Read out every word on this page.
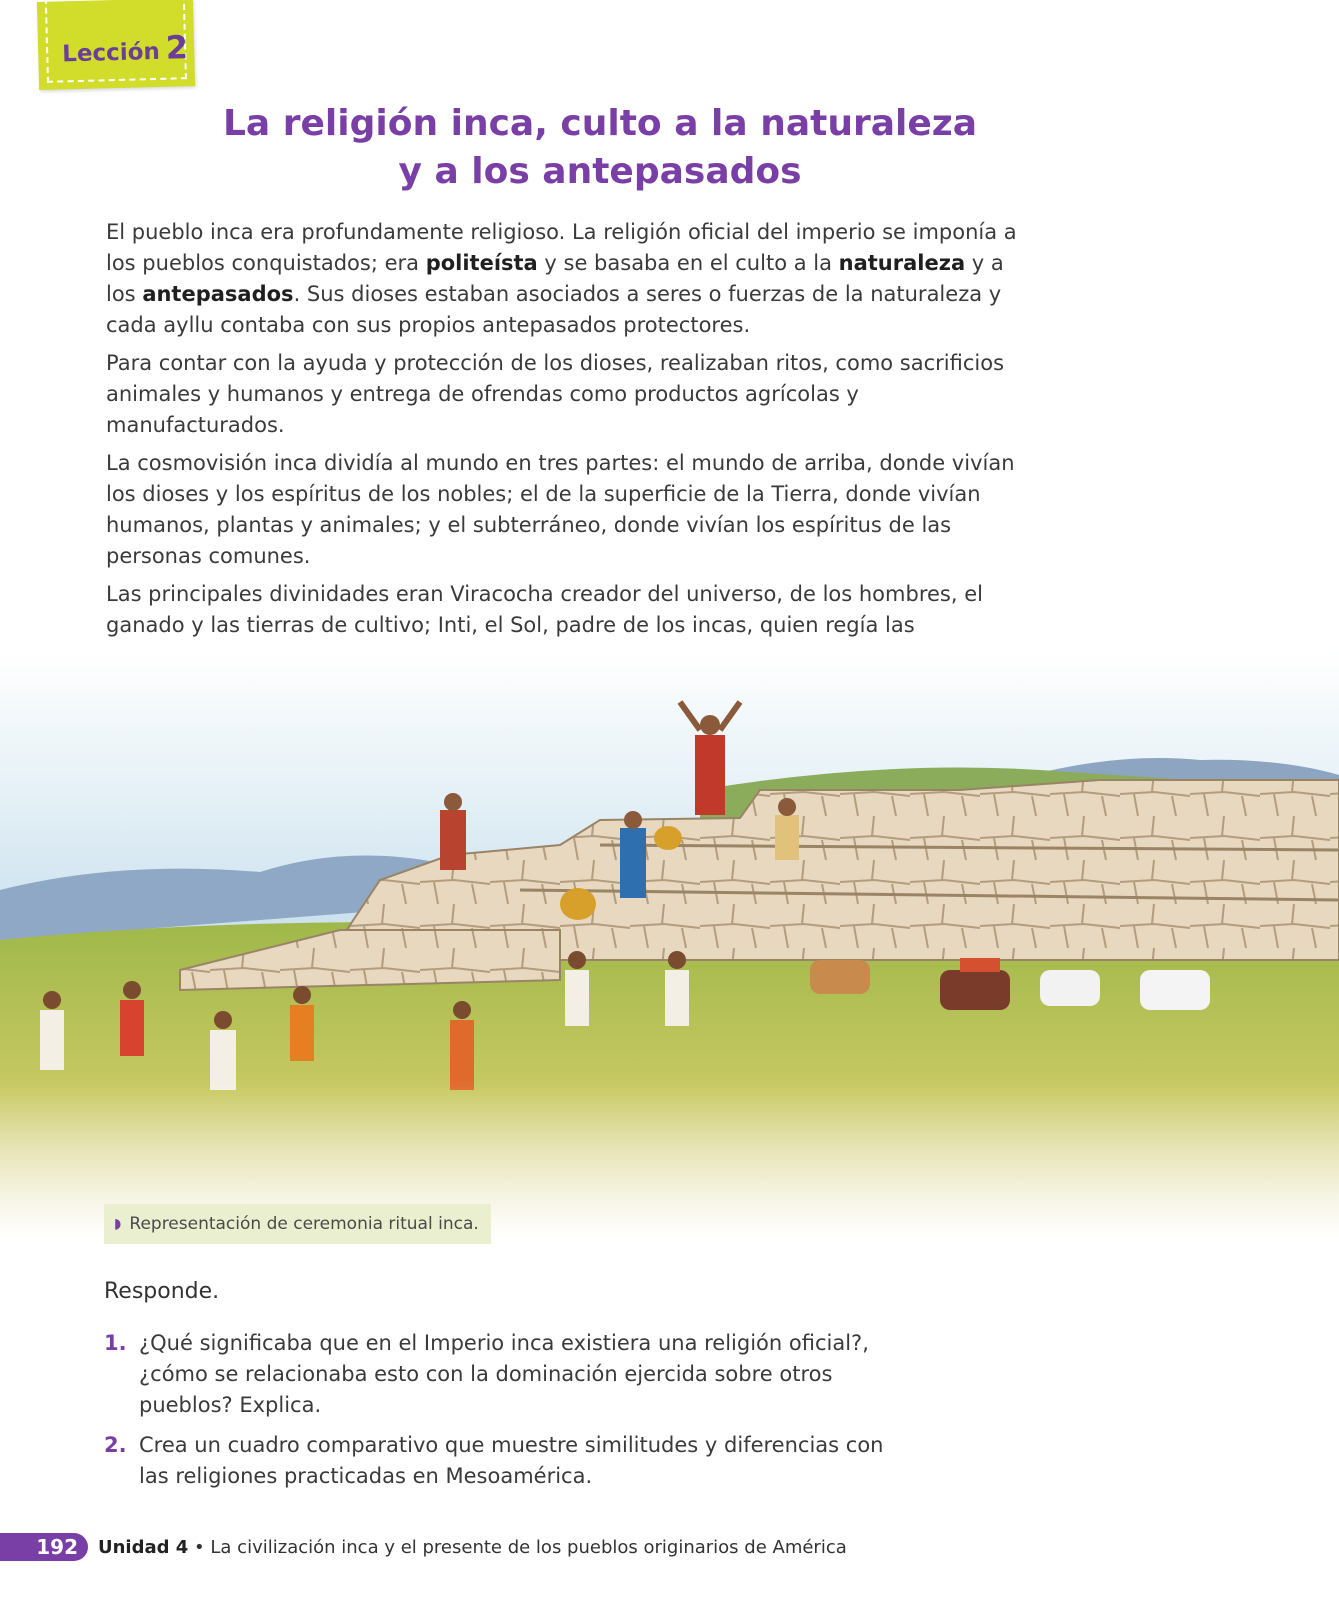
Lección 2
La religión inca, culto a la naturaleza
y a los antepasados

El pueblo inca era profundamente religioso. La religión oficial del imperio se imponía a los pueblos conquistados; era politeísta y se basaba en el culto a la naturaleza y a los antepasados. Sus dioses estaban asociados a seres o fuerzas de la naturaleza y cada ayllu contaba con sus propios antepasados protectores.

Para contar con la ayuda y protección de los dioses, realizaban ritos, como sacrificios animales y humanos y entrega de ofrendas como productos agrícolas y manufacturados.

La cosmovisión inca dividía al mundo en tres partes: el mundo de arriba, donde vivían los dioses y los espíritus de los nobles; el de la superficie de la Tierra, donde vivían humanos, plantas y animales; y el subterráneo, donde vivían los espíritus de las personas comunes.

Las principales divinidades eran Viracocha creador del universo, de los hombres, el ganado y las tierras de cultivo; Inti, el Sol, padre de los incas, quien regía las

◗ Representación de ceremonia ritual inca.
Responde.
1. ¿Qué significaba que en el Imperio inca existiera una religión oficial?, ¿cómo se relacionaba esto con la dominación ejercida sobre otros pueblos? Explica.
2. Crea un cuadro comparativo que muestre similitudes y diferencias con las religiones practicadas en Mesoamérica.
192	Unidad 4 • La civilización inca y el presente de los pueblos originarios de América
